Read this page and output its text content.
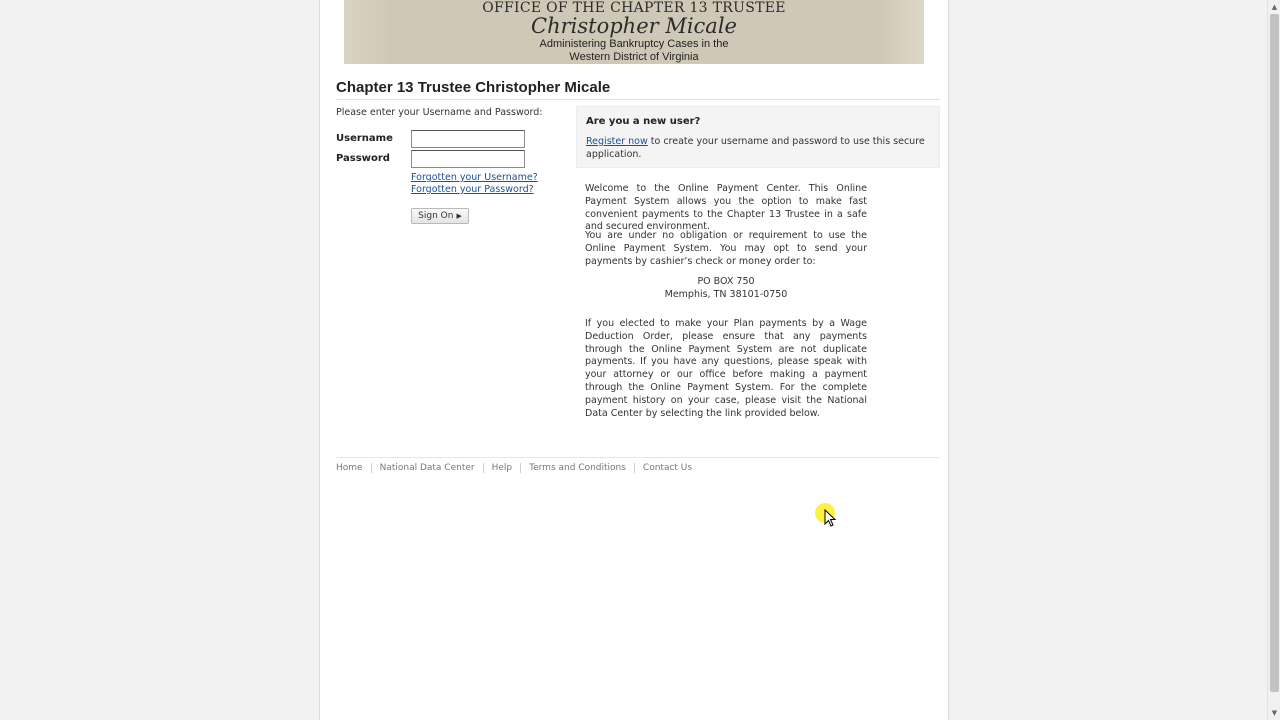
OFFICE OF THE CHAPTER 13 TRUSTEE
Christopher Micale
Administering Bankruptcy Cases in the
Western District of Virginia
Chapter 13 Trustee Christopher Micale
Please enter your Username and Password:
Username
Password
Forgotten your Username?
Forgotten your Password?
Sign On ▶
Are you a new user?
Register now to create your username and password to use this secure application.
Welcome to the Online Payment Center. This Online Payment System allows you the option to make fast convenient payments to the Chapter 13 Trustee in a safe and secured environment.
You are under no obligation or requirement to use the Online Payment System. You may opt to send your payments by cashier’s check or money order to:
PO BOX 750
Memphis, TN 38101-0750
If you elected to make your Plan payments by a Wage Deduction Order, please ensure that any payments through the Online Payment System are not duplicate payments. If you have any questions, please speak with your attorney or our office before making a payment through the Online Payment System. For the complete payment history on your case, please visit the National Data Center by selecting the link provided below.
Home National Data Center Help Terms and Conditions Contact Us
▲
▼
